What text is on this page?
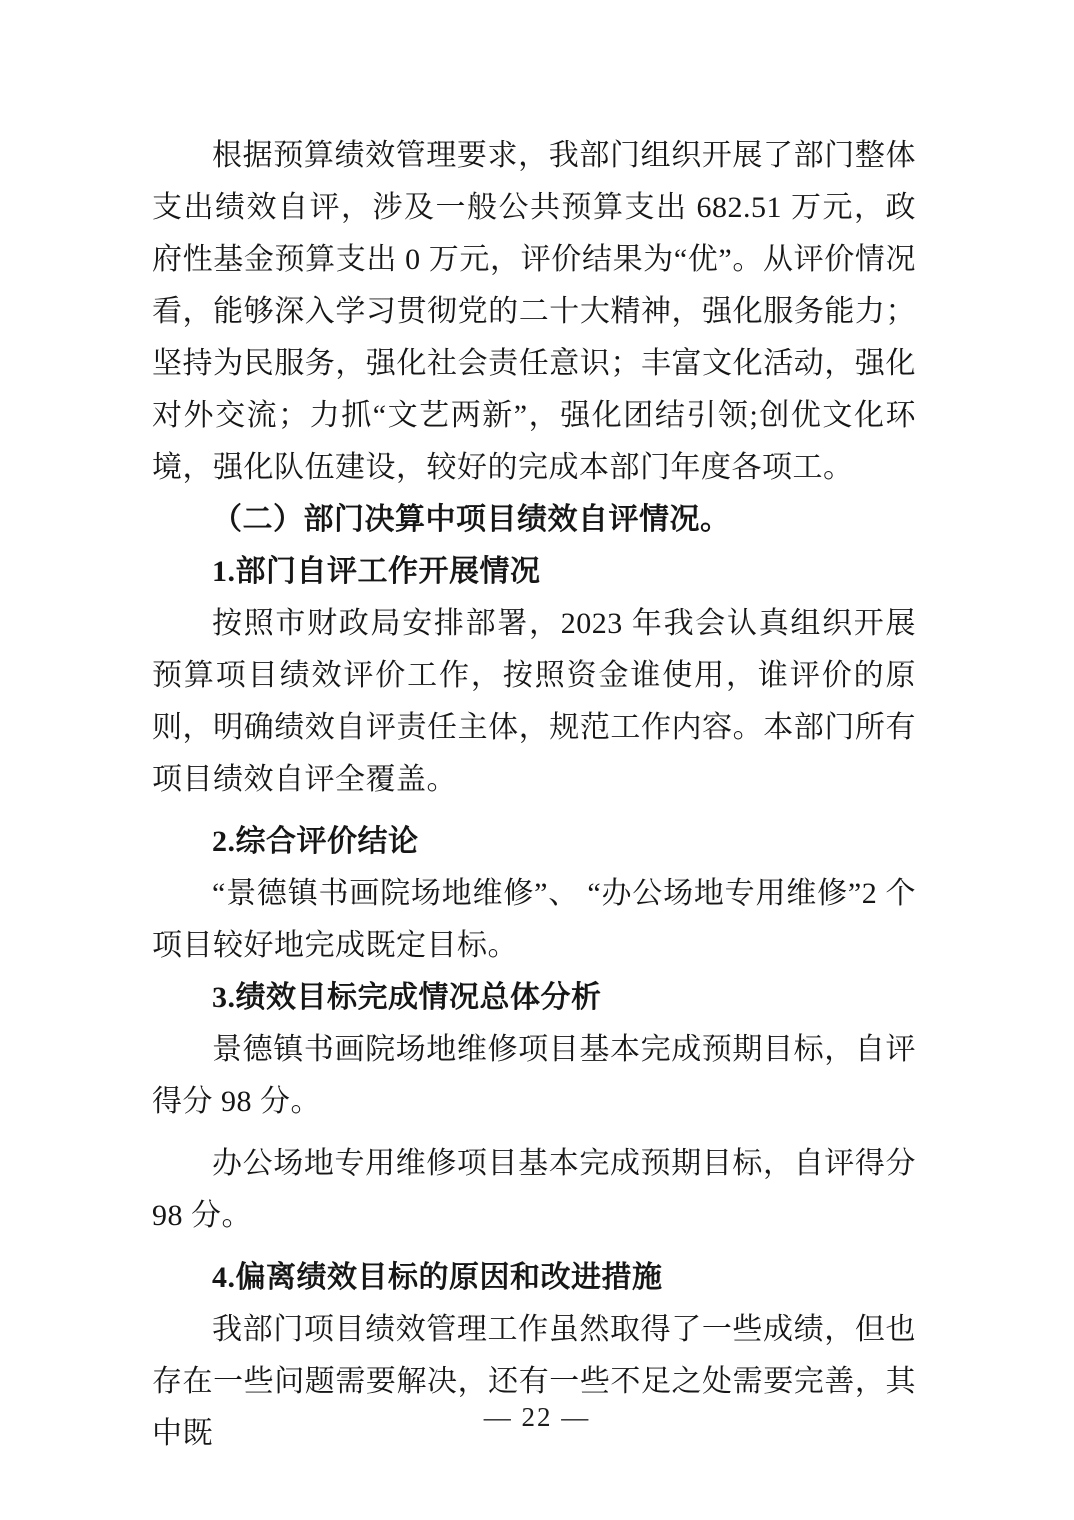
根据预算绩效管理要求，我部门组织开展了部门整体支出绩效自评，涉及一般公共预算支出 682.51 万元，政府性基金预算支出 0 万元，评价结果为“优”。从评价情况看，能够深入学习贯彻党的二十大精神，强化服务能力；坚持为民服务，强化社会责任意识；丰富文化活动，强化对外交流；力抓“文艺两新”，强化团结引领;创优文化环境，强化队伍建设，较好的完成本部门年度各项工。

（二）部门决算中项目绩效自评情况。

1.部门自评工作开展情况

按照市财政局安排部署，2023 年我会认真组织开展预算项目绩效评价工作，按照资金谁使用，谁评价的原则，明确绩效自评责任主体，规范工作内容。本部门所有项目绩效自评全覆盖。

2.综合评价结论

“景德镇书画院场地维修”、 “办公场地专用维修”2 个项目较好地完成既定目标。

3.绩效目标完成情况总体分析

景德镇书画院场地维修项目基本完成预期目标，自评得分 98 分。

办公场地专用维修项目基本完成预期目标，自评得分 98 分。

4.偏离绩效目标的原因和改进措施

我部门项目绩效管理工作虽然取得了一些成绩，但也存在一些问题需要解决，还有一些不足之处需要完善，其中既	— 22 —
